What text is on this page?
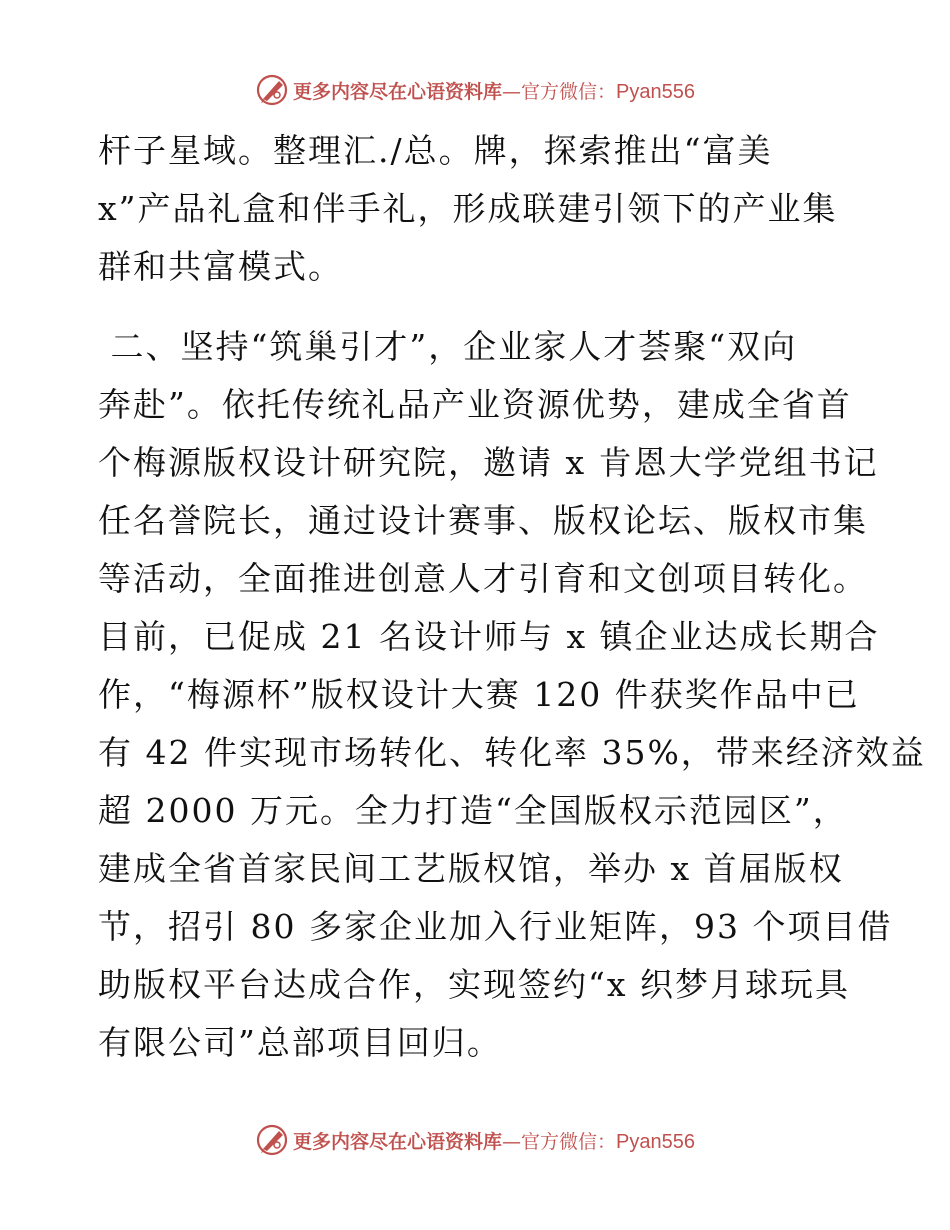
更多内容尽在心语资料库—官方微信：Pyan556
杆子星域。整理汇./总。牌，探索推出“富美
x”产品礼盒和伴手礼，形成联建引领下的产业集
群和共富模式。
二、坚持“筑巢引才”，企业家人才荟聚“双向
奔赴”。依托传统礼品产业资源优势，建成全省首
个梅源版权设计研究院，邀请 x 肯恩大学党组书记
任名誉院长，通过设计赛事、版权论坛、版权市集
等活动，全面推进创意人才引育和文创项目转化。
目前，已促成 21 名设计师与 x 镇企业达成长期合
作，“梅源杯”版权设计大赛 120 件获奖作品中已
有 42 件实现市场转化、转化率 35%，带来经济效益
超 2000 万元。全力打造“全国版权示范园区”，
建成全省首家民间工艺版权馆，举办 x 首届版权
节，招引 80 多家企业加入行业矩阵，93 个项目借
助版权平台达成合作，实现签约“x 织梦月球玩具
有限公司”总部项目回归。
更多内容尽在心语资料库—官方微信：Pyan556
